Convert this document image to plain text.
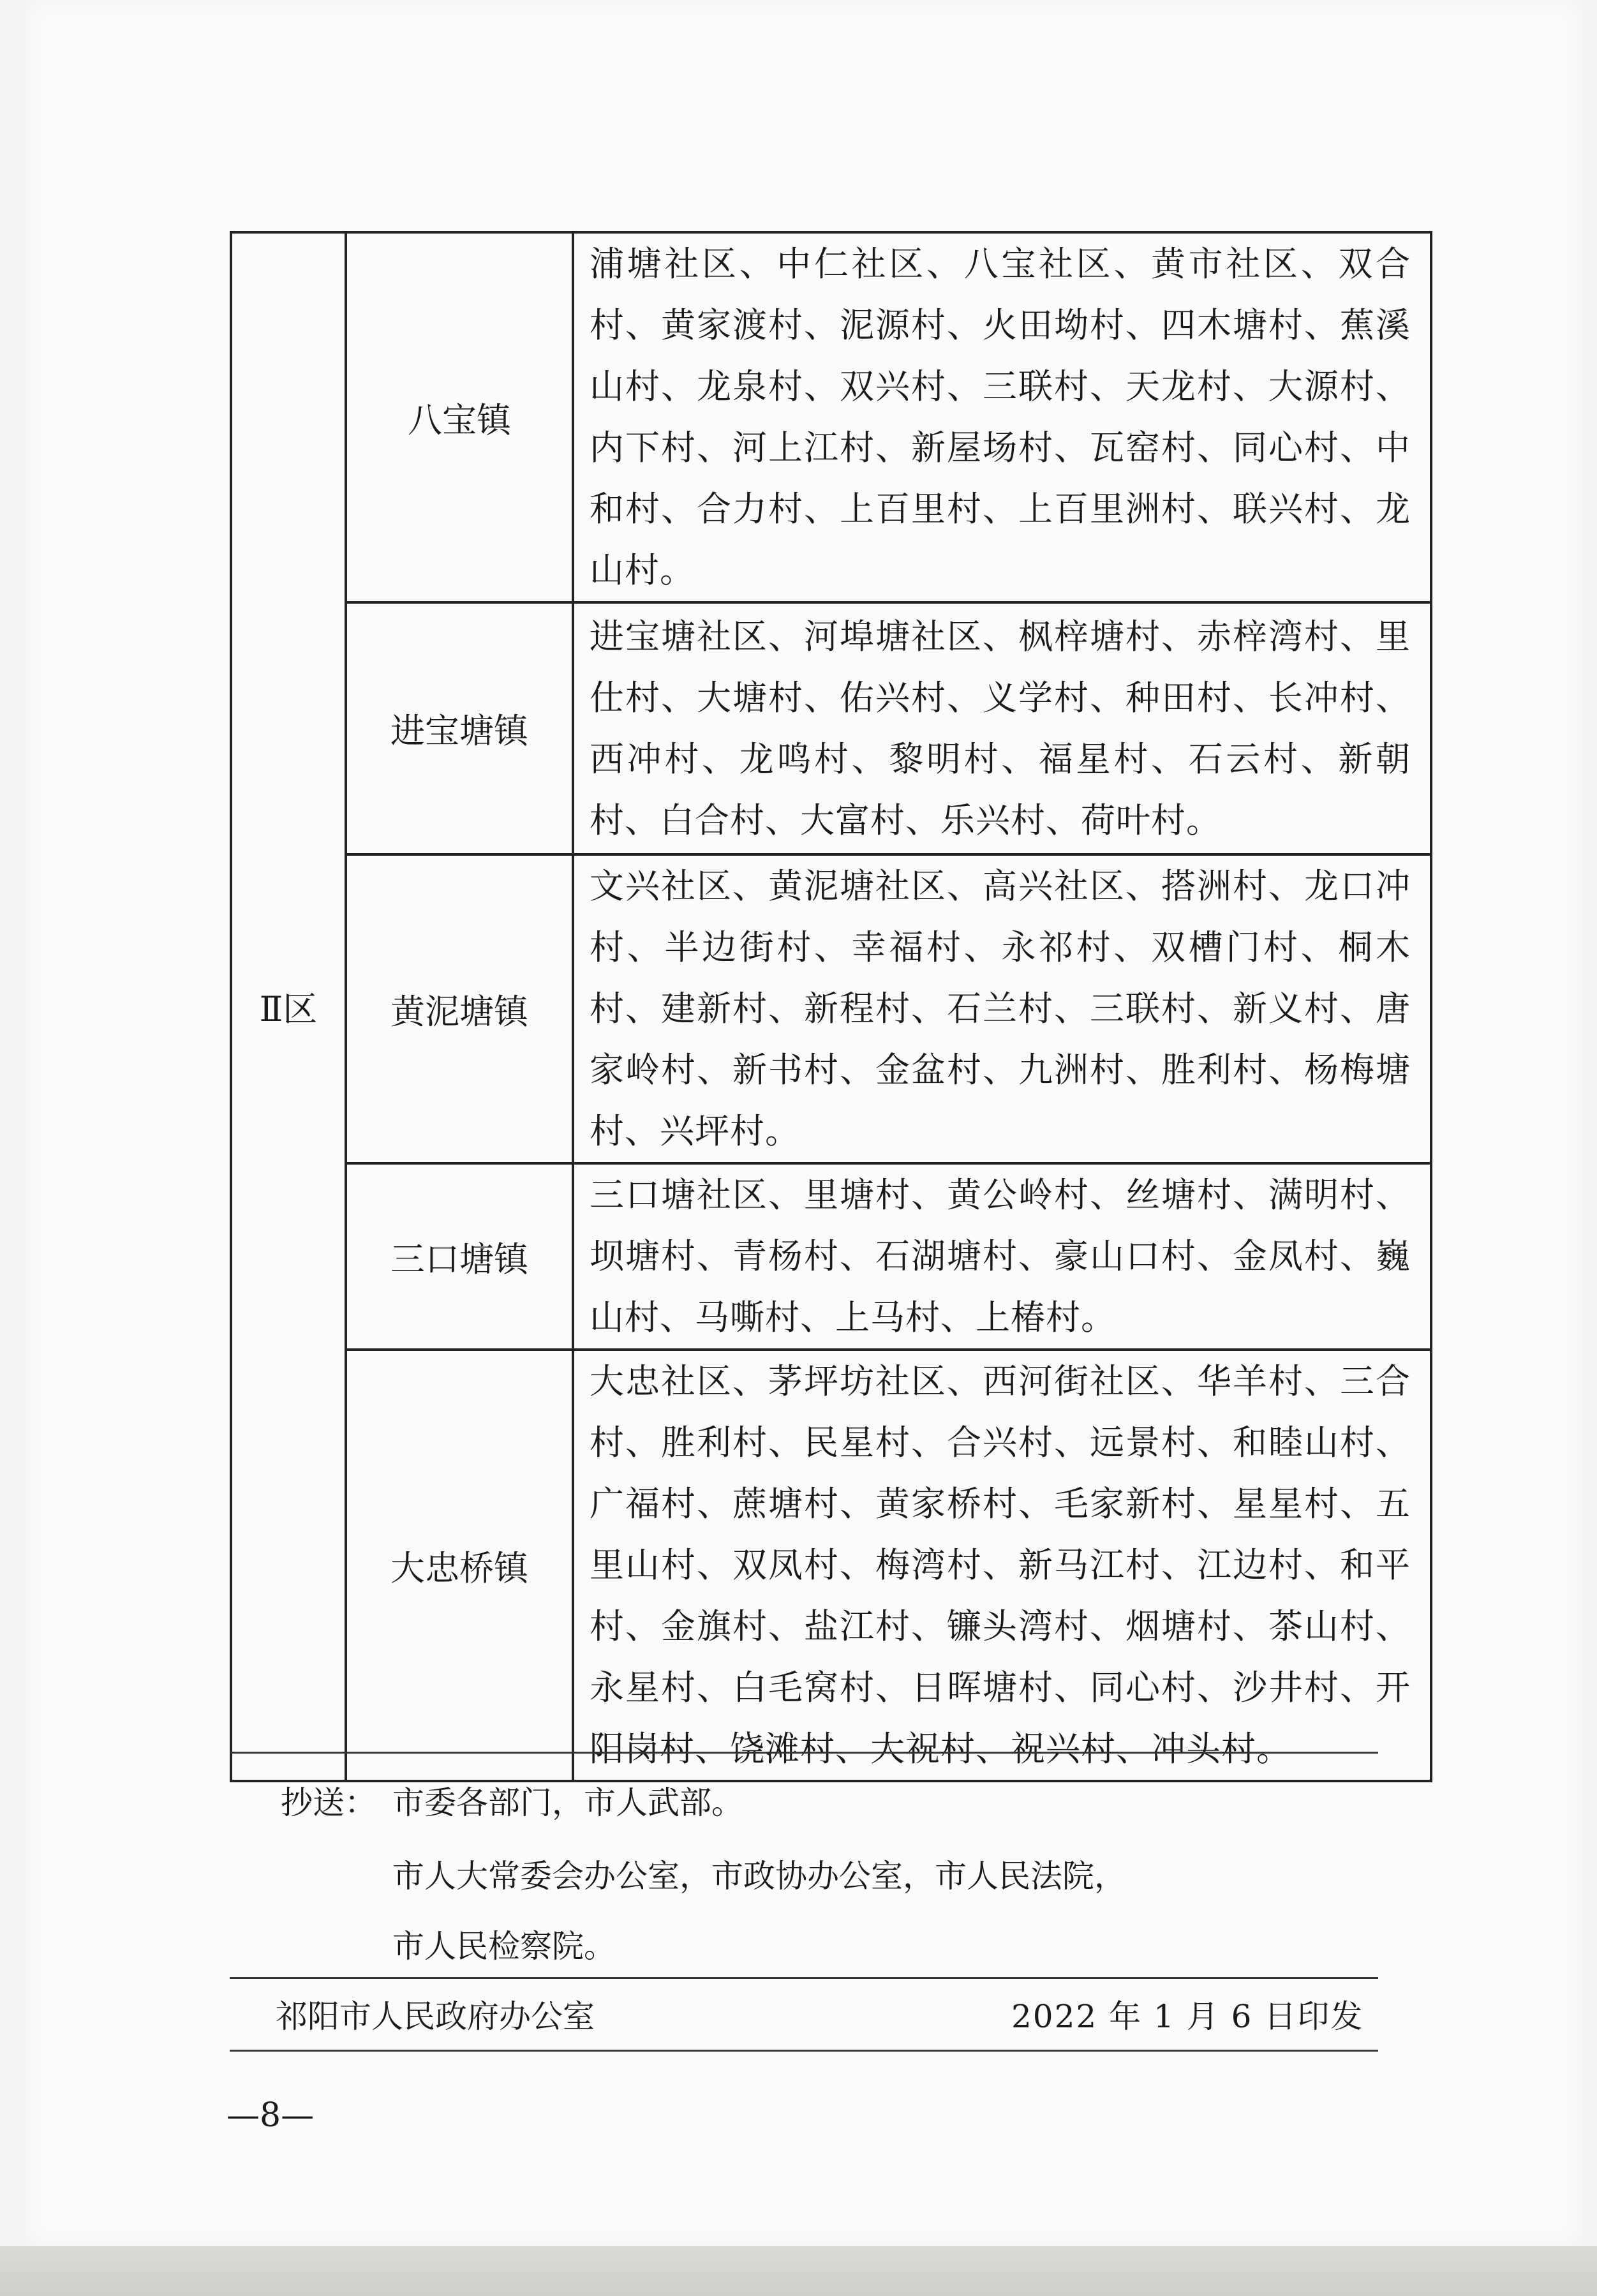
Ⅱ区	八宝镇	浦塘社区、中仁社区、八宝社区、黄市社区、双合村、黄家渡村、泥源村、火田坳村、四木塘村、蕉溪山村、龙泉村、双兴村、三联村、天龙村、大源村、内下村、河上江村、新屋场村、瓦窑村、同心村、中和村、合力村、上百里村、上百里洲村、联兴村、龙山村。
	进宝塘镇	进宝塘社区、河埠塘社区、枫梓塘村、赤梓湾村、里仕村、大塘村、佑兴村、义学村、种田村、长冲村、西冲村、龙鸣村、黎明村、福星村、石云村、新朝村、白合村、大富村、乐兴村、荷叶村。
	黄泥塘镇	文兴社区、黄泥塘社区、高兴社区、搭洲村、龙口冲村、半边街村、幸福村、永祁村、双槽门村、桐木村、建新村、新程村、石兰村、三联村、新义村、唐家岭村、新书村、金盆村、九洲村、胜利村、杨梅塘村、兴坪村。
	三口塘镇	三口塘社区、里塘村、黄公岭村、丝塘村、满明村、坝塘村、青杨村、石湖塘村、豪山口村、金凤村、巍山村、马嘶村、上马村、上椿村。
	大忠桥镇	大忠社区、茅坪坊社区、西河街社区、华羊村、三合村、胜利村、民星村、合兴村、远景村、和睦山村、广福村、蔗塘村、黄家桥村、毛家新村、星星村、五里山村、双凤村、梅湾村、新马江村、江边村、和平村、金旗村、盐江村、镰头湾村、烟塘村、茶山村、永星村、白毛窝村、日晖塘村、同心村、沙井村、开阳岗村、饶滩村、大祝村、祝兴村、冲头村。
抄送： 市委各部门，市人武部。
市人大常委会办公室，市政协办公室，市人民法院，
市人民检察院。
祁阳市人民政府办公室	2022 年 1 月 6 日印发
—8—
